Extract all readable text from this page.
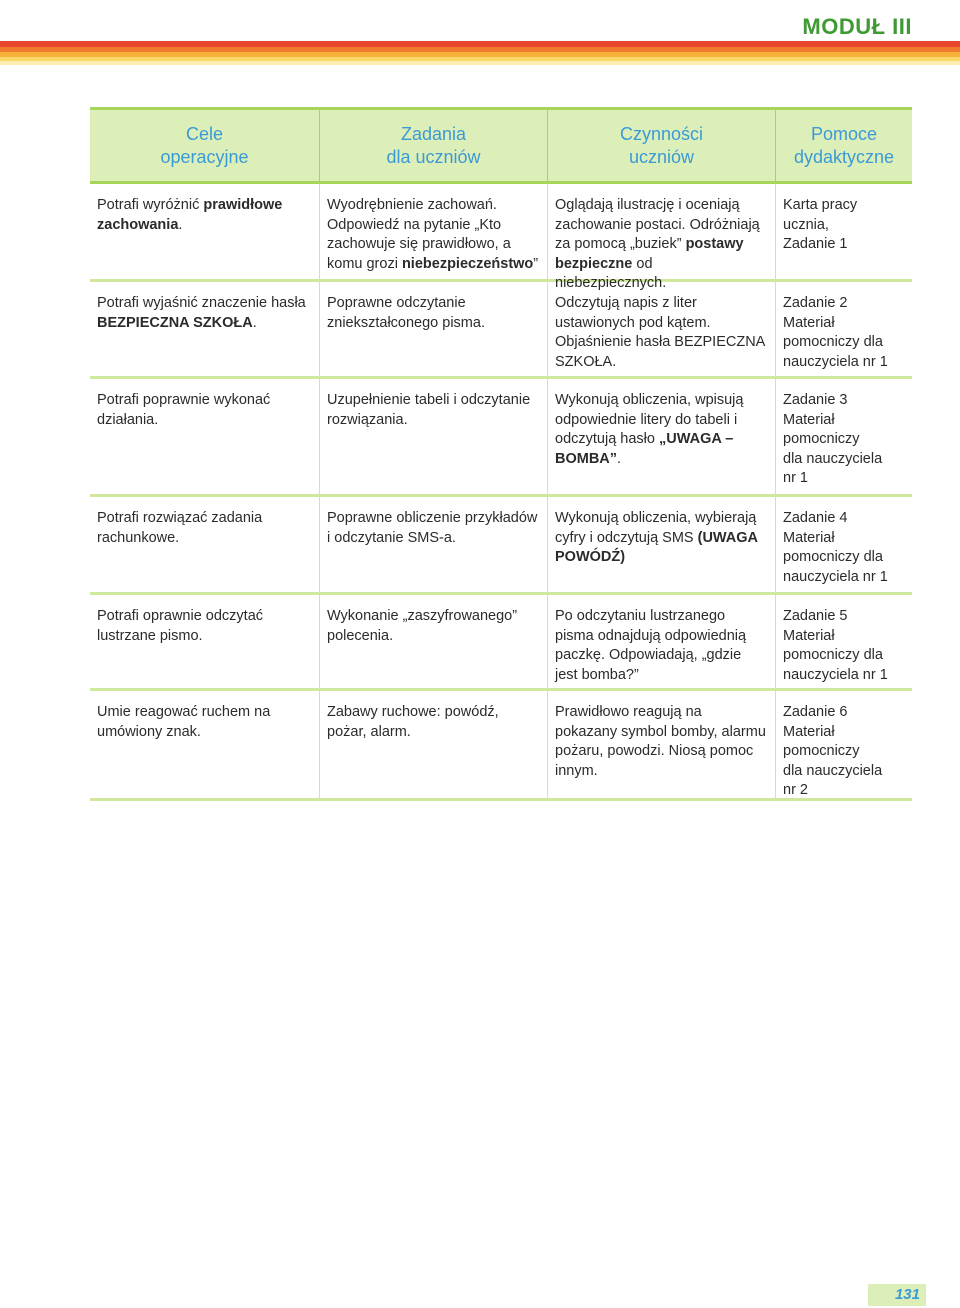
MODUŁ III
Cele
operacyjne
Zadania
dla uczniów
Czynności
uczniów
Pomoce
dydaktyczne
Potrafi wyróżnić prawidłowe zachowania.
Wyodrębnienie zachowań. Odpowiedź na pytanie „Kto zachowuje się prawidłowo, a komu grozi niebezpieczeństwo”
Oglądają ilustrację i oceniają zachowanie postaci. Odróżniają za pomocą „buziek” postawy bezpieczne od niebezpiecznych.
Karta pracy ucznia,
Zadanie 1
Potrafi wyjaśnić znaczenie hasła BEZPIECZNA SZKOŁA.
Poprawne odczytanie zniekształconego pisma.
Odczytują napis z liter ustawionych pod kątem. Objaśnienie hasła BEZPIECZNA SZKOŁA.
Zadanie 2
Materiał pomocniczy dla nauczyciela nr 1
Potrafi poprawnie wykonać działania.
Uzupełnienie tabeli i odczytanie rozwiązania.
Wykonują obliczenia, wpisują odpowiednie litery do tabeli i odczytują hasło „UWAGA – BOMBA”.
Zadanie 3
Materiał pomocniczy
dla nauczyciela
nr 1
Potrafi rozwiązać zadania rachunkowe.
Poprawne obliczenie przykładów i odczytanie SMS-a.
Wykonują obliczenia, wybierają cyfry i odczytują SMS (UWAGA POWÓDŹ)
Zadanie 4
Materiał pomocniczy dla nauczyciela nr 1
Potrafi oprawnie odczytać lustrzane pismo.
Wykonanie „zaszyfrowanego” polecenia.
Po odczytaniu lustrzanego pisma odnajdują odpowiednią paczkę. Odpowiadają, „gdzie jest bomba?”
Zadanie 5
Materiał pomocniczy dla nauczyciela nr 1
Umie reagować ruchem na umówiony znak.
Zabawy ruchowe: powódź, pożar, alarm.
Prawidłowo reagują na pokazany symbol bomby, alarmu pożaru, powodzi. Niosą pomoc innym.
Zadanie 6
Materiał pomocniczy
dla nauczyciela
nr 2
131
